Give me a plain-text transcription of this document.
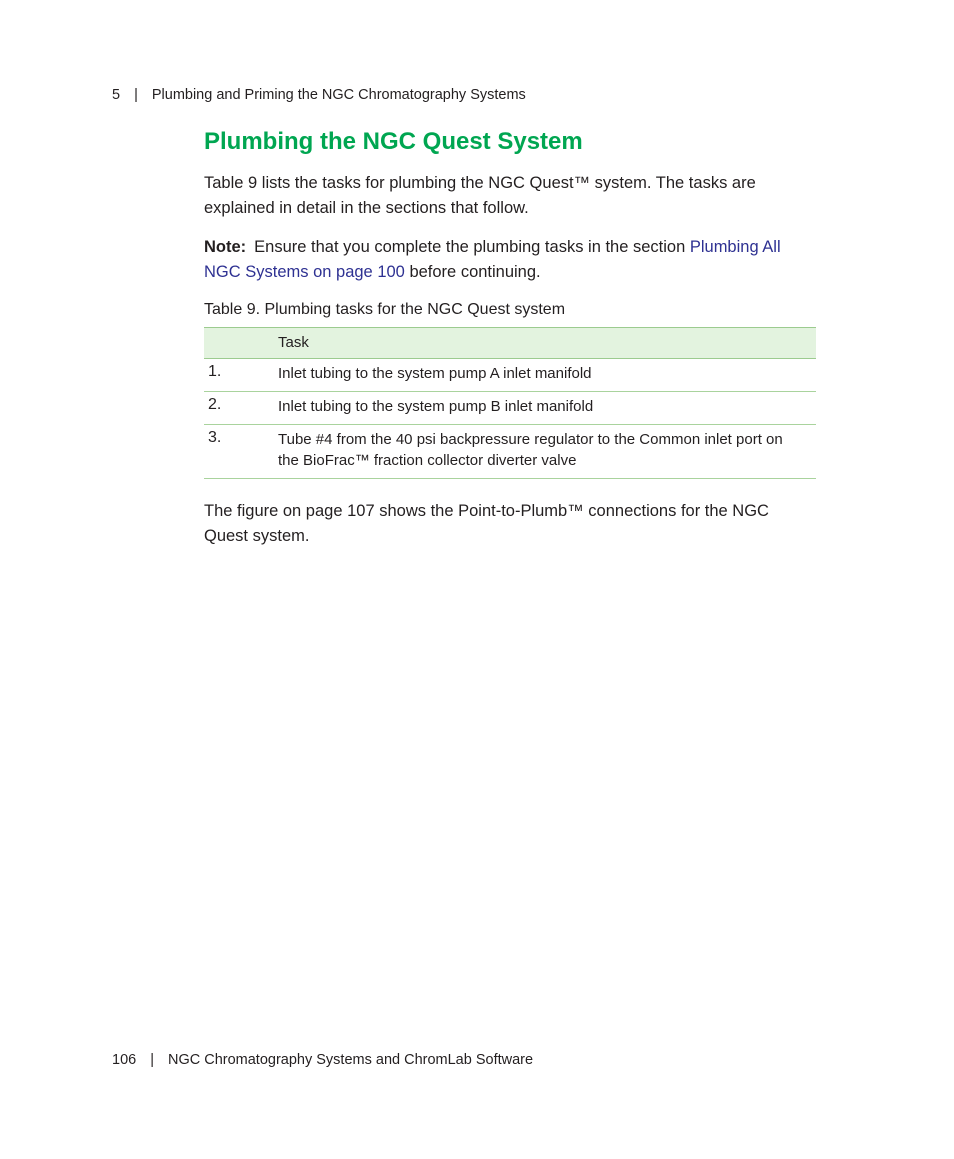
5 | Plumbing and Priming the NGC Chromatography Systems
Plumbing the NGC Quest System

Table 9 lists the tasks for plumbing the NGC Quest™ system. The tasks are explained in detail in the sections that follow.

Note: Ensure that you complete the plumbing tasks in the section Plumbing All NGC Systems on page 100 before continuing.

Table 9. Plumbing tasks for the NGC Quest system
	Task
1.	Inlet tubing to the system pump A inlet manifold
2.	Inlet tubing to the system pump B inlet manifold
3.	Tube #4 from the 40 psi backpressure regulator to the Common inlet port on the BioFrac™ fraction collector diverter valve

The figure on page 107 shows the Point-to-Plumb™ connections for the NGC Quest system.

106 | NGC Chromatography Systems and ChromLab Software
